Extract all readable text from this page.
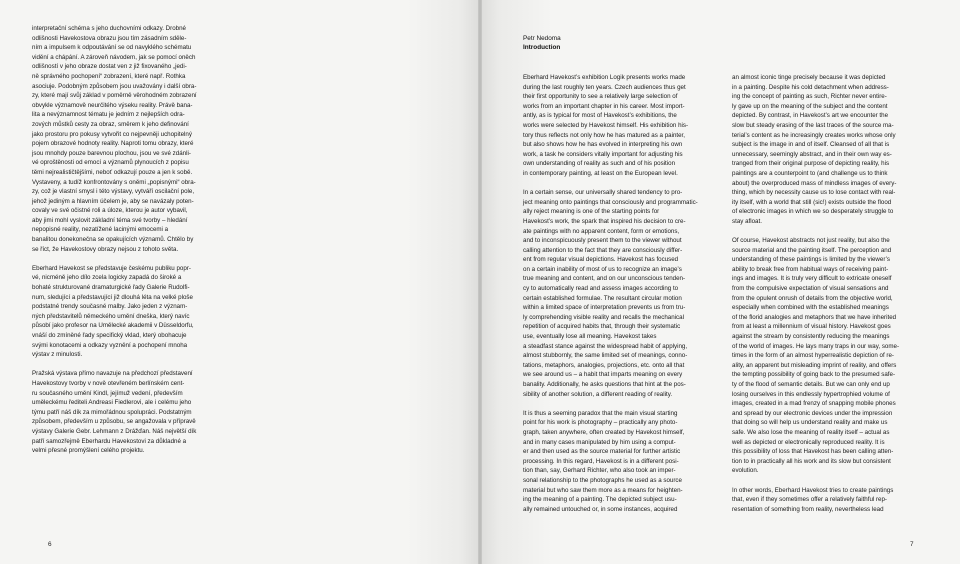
interpretační schéma s jeho duchovními odkazy. Drobné
odlišnosti Havekostova obrazu jsou tím zásadním sděle-
ním a impulsem k odpoutávání se od navyklého schématu
vidění a chápání. A zároveň návodem, jak se pomocí oněch
odlišností v jeho obraze dostat ven z již fixovaného „jedi-
ně správného pochopení“ zobrazení, které např. Rothka
asociuje. Podobným způsobem jsou uvažovány i další obra-
zy, které mají svůj základ v poměrně věrohodném zobrazení
obvykle významově neurčitého výseku reality. Právě bana-
lita a nevýznamnost tématu je jedním z nejlepších odra-
zových můstků cesty za obraz, směrem k jeho definování
jako prostoru pro pokusy vytvořit co nejpevněji uchopitelný
pojem obrazové hodnoty reality. Naproti tomu obrazy, které
jsou mnohdy pouze barevnou plochou, jsou ve své zdánli-
vé oproštěnosti od emocí a významů plynoucích z popisu
těmi nejrealističtějšími, neboť odkazují pouze a jen k sobě.
Vystaveny, a tudíž konfrontovány s oněmi „popisnými“ obra-
zy, což je vlastní smysl i této výstavy, vytváří oscilační pole,
jehož jediným a hlavním účelem je, aby se navázaly poten-
covaly ve své očistné roli a úloze, kterou je autor vybavil,
aby jimi mohl vyslovit základní téma své tvorby – hledání
nepopisné reality, nezatížené lacinými emocemi a
banalitou donekonečna se opakujících významů. Chtělo by
se říct, že Havekostovy obrazy nejsou z tohoto světa.

Eberhard Havekost se představuje českému publiku popr-
vé, nicméně jeho dílo zcela logicky zapadá do široké a
bohaté strukturované dramaturgické řady Galerie Rudolfi-
num, sledující a představující již dlouhá léta na velké ploše
podstatné trendy současné malby. Jako jeden z význam-
ných představitelů německého umění dneška, který navíc
působí jako profesor na Umělecké akademii v Düsseldorfu,
vnáší do zmíněné řady specifický vklad, který obohacuje
svými konotacemi a odkazy vyznění a pochopení mnoha
výstav z minulosti.

Pražská výstava přímo navazuje na předchozí představení
Havekostovy tvorby v nově otevřeném berlínském cent-
ru současného umění Kindl, jejímuž vedení, především
uměleckému řediteli Andreasi Fiedlerovi, ale i celému jeho
týmu patří náš dík za mimořádnou spolupráci. Podstatným
způsobem, především u způsobu, se angažovala v přípravě
výstavy Galerie Gebr. Lehmann z Drážďan. Náš největší dík
patří samozřejmě Eberhardu Havekostovi za důkladné a
velmi přesné promýšlení celého projektu.

6
Petr Nedoma
Introduction

Eberhard Havekost’s exhibition Logik presents works made
during the last roughly ten years. Czech audiences thus get
their first opportunity to see a relatively large selection of
works from an important chapter in his career. Most import-
antly, as is typical for most of Havekost’s exhibitions, the
works were selected by Havekost himself. His exhibition his-
tory thus reflects not only how he has matured as a painter,
but also shows how he has evolved in interpreting his own
work, a task he considers vitally important for adjusting his
own understanding of reality as such and of his position
in contemporary painting, at least on the European level.

In a certain sense, our universally shared tendency to pro-
ject meaning onto paintings that consciously and programmatic-
ally reject meaning is one of the starting points for
Havekost’s work, the spark that inspired his decision to cre-
ate paintings with no apparent content, form or emotions,
and to inconspicuously present them to the viewer without
calling attention to the fact that they are consciously differ-
ent from regular visual depictions. Havekost has focused
on a certain inability of most of us to recognize an image’s
true meaning and content, and on our unconscious tenden-
cy to automatically read and assess images according to
certain established formulae. The resultant circular motion
within a limited space of interpretation prevents us from tru-
ly comprehending visible reality and recalls the mechanical
repetition of acquired habits that, through their systematic
use, eventually lose all meaning. Havekost takes
a steadfast stance against the widespread habit of applying,
almost stubbornly, the same limited set of meanings, conno-
tations, metaphors, analogies, projections, etc. onto all that
we see around us – a habit that imparts meaning on every
banality. Additionally, he asks questions that hint at the pos-
sibility of another solution, a different reading of reality.

It is thus a seeming paradox that the main visual starting
point for his work is photography – practically any photo-
graph, taken anywhere, often created by Havekost himself,
and in many cases manipulated by him using a comput-
er and then used as the source material for further artistic
processing. In this regard, Havekost is in a different posi-
tion than, say, Gerhard Richter, who also took an imper-
sonal relationship to the photographs he used as a source
material but who saw them more as a means for heighten-
ing the meaning of a painting. The depicted subject usu-
ally remained untouched or, in some instances, acquired

an almost iconic tinge precisely because it was depicted
in a painting. Despite his cold detachment when address-
ing the concept of painting as such, Richter never entire-
ly gave up on the meaning of the subject and the content
depicted. By contrast, in Havekost’s art we encounter the
slow but steady erasing of the last traces of the source ma-
terial’s content as he increasingly creates works whose only
subject is the image in and of itself. Cleansed of all that is
unnecessary, seemingly abstract, and in their own way es-
tranged from their original purpose of depicting reality, his
paintings are a counterpoint to (and challenge us to think
about) the overproduced mass of mindless images of every-
thing, which by necessity cause us to lose contact with real-
ity itself, with a world that still (sic!) exists outside the flood
of electronic images in which we so desperately struggle to
stay afloat.

Of course, Havekost abstracts not just reality, but also the
source material and the painting itself. The perception and
understanding of these paintings is limited by the viewer’s
ability to break free from habitual ways of receiving paint-
ings and images. It is truly very difficult to extricate oneself
from the compulsive expectation of visual sensations and
from the opulent onrush of details from the objective world,
especially when combined with the established meanings
of the florid analogies and metaphors that we have inherited
from at least a millennium of visual history. Havekost goes
against the stream by consistently reducing the meanings
of the world of images. He lays many traps in our way, some-
times in the form of an almost hyperrealistic depiction of re-
ality, an apparent but misleading imprint of reality, and offers
the tempting possibility of going back to the presumed safe-
ty of the flood of semantic details. But we can only end up
losing ourselves in this endlessly hypertrophied volume of
images, created in a mad frenzy of snapping mobile phones
and spread by our electronic devices under the impression
that doing so will help us understand reality and make us
safe. We also lose the meaning of reality itself – actual as
well as depicted or electronically reproduced reality. It is
this possibility of loss that Havekost has been calling atten-
tion to in practically all his work and its slow but consistent
evolution.

In other words, Eberhard Havekost tries to create paintings
that, even if they sometimes offer a relatively faithful rep-
resentation of something from reality, nevertheless lead

7
